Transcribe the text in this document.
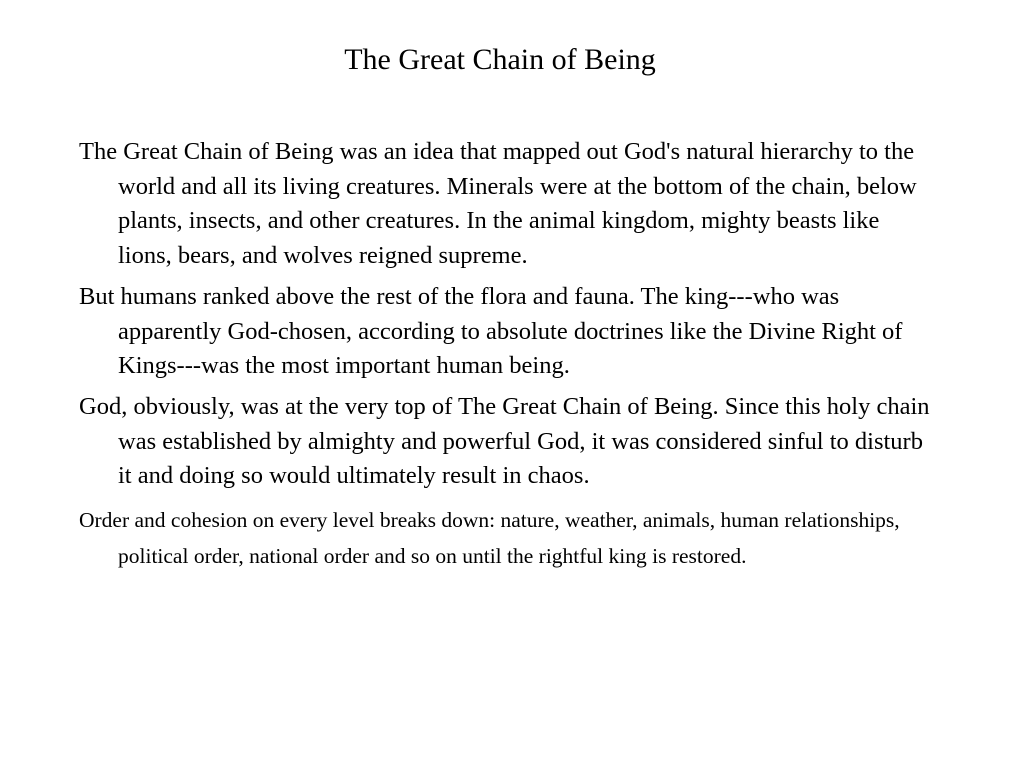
The Great Chain of Being
The Great Chain of Being was an idea that mapped out God's natural hierarchy to the world and all its living creatures. Minerals were at the bottom of the chain, below plants, insects, and other creatures. In the animal kingdom, mighty beasts like lions, bears, and wolves reigned supreme.
But humans ranked above the rest of the flora and fauna. The king---who was apparently God-chosen, according to absolute doctrines like the Divine Right of Kings---was the most important human being.
God, obviously, was at the very top of The Great Chain of Being. Since this holy chain was established by almighty and powerful God, it was considered sinful to disturb it and doing so would ultimately result in chaos.
Order and cohesion on every level breaks down: nature, weather, animals, human relationships, political order, national order and so on until the rightful king is restored.
